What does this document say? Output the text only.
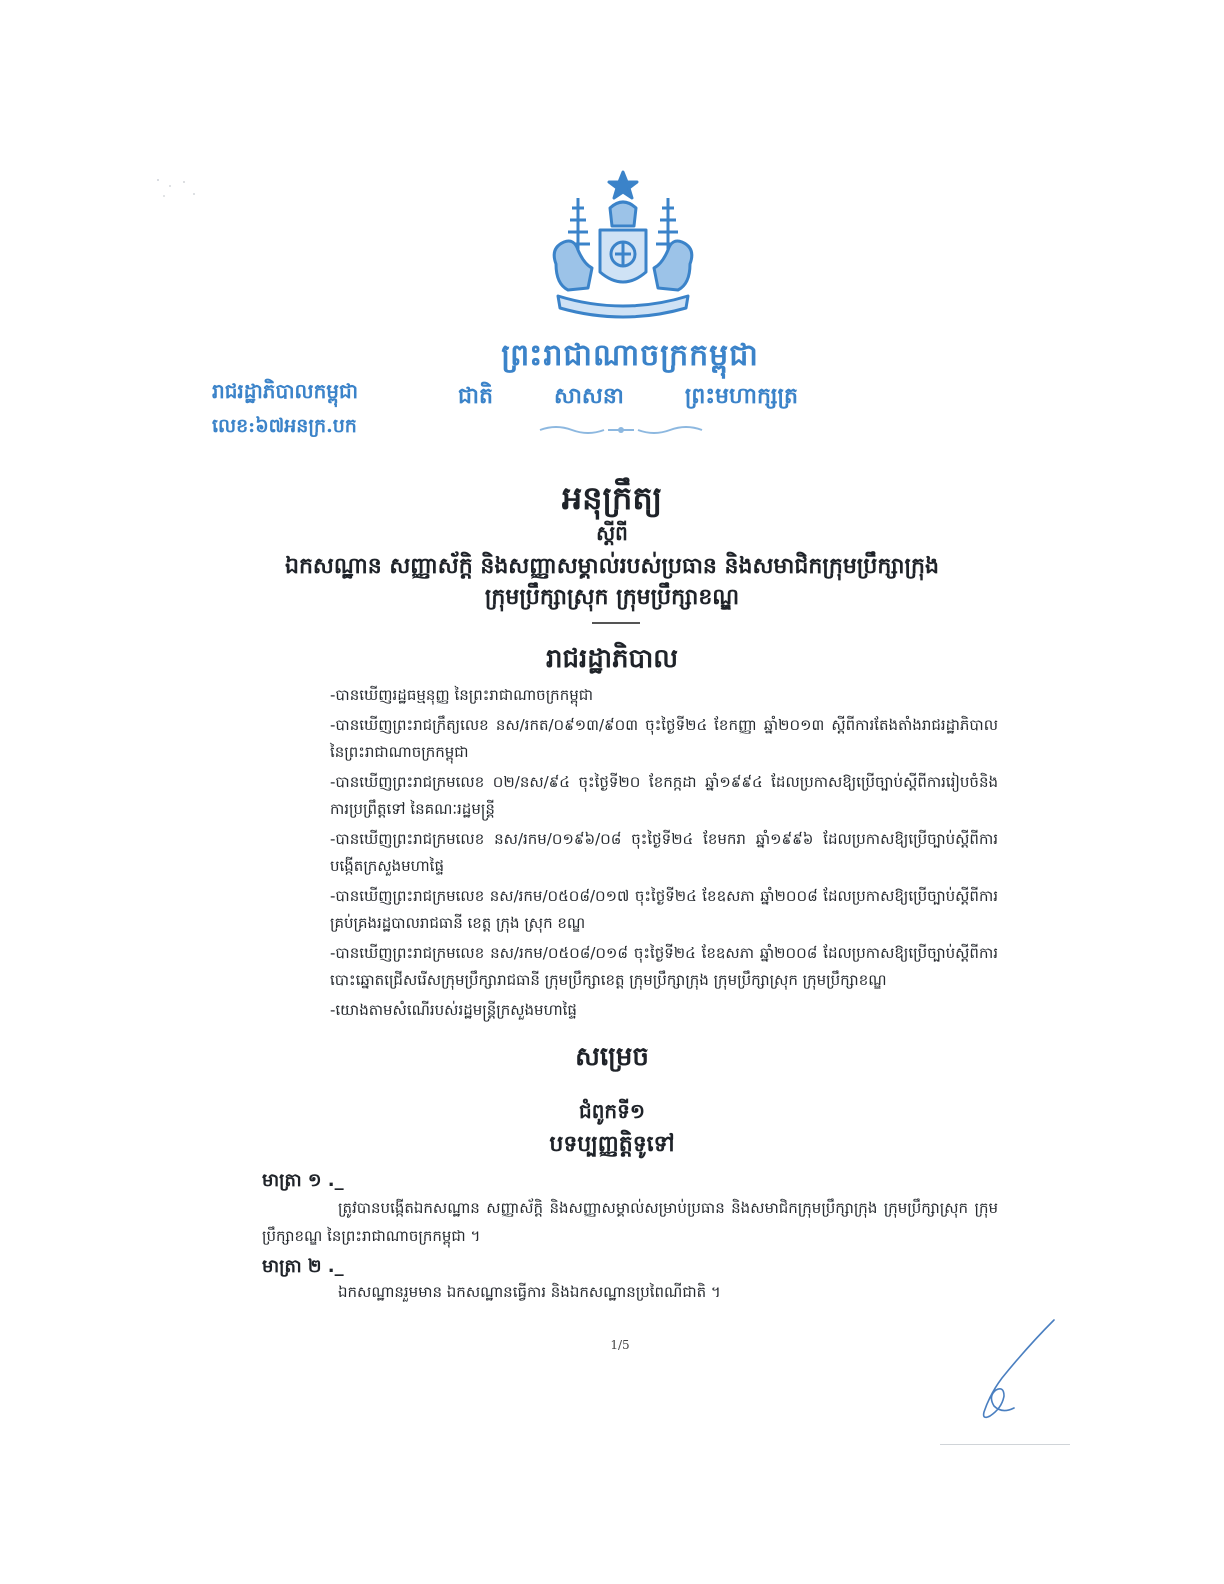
ព្រះរាជាណាចក្រកម្ពុជា
ជាតិ	សាសនា	ព្រះមហាក្សត្រ
រាជរដ្ឋាភិបាលកម្ពុជា
លេខ:៦៧អនក្រ.បក
អនុក្រឹត្យ
ស្ដីពី
ឯកសណ្ឋាន សញ្ញាស័ក្តិ និងសញ្ញាសម្គាល់របស់ប្រធាន និងសមាជិកក្រុមប្រឹក្សាក្រុង
ក្រុមប្រឹក្សាស្រុក ក្រុមប្រឹក្សាខណ្ឌ
រាជរដ្ឋាភិបាល

-បានឃើញរដ្ឋធម្មនុញ្ញ នៃព្រះរាជាណាចក្រកម្ពុជា

-បានឃើញព្រះរាជក្រឹត្យលេខ នស/រកត/០៩១៣/៩០៣ ចុះថ្ងៃទី២៤ ខែកញ្ញា ឆ្នាំ២០១៣ ស្តីពីការតែងតាំងរាជរដ្ឋាភិបាល នៃព្រះរាជាណាចក្រកម្ពុជា

-បានឃើញព្រះរាជក្រមលេខ ០២/នស/៩៤ ចុះថ្ងៃទី២០ ខែកក្កដា ឆ្នាំ១៩៩៤ ដែលប្រកាសឱ្យប្រើច្បាប់ស្តីពីការរៀបចំនិងការប្រព្រឹត្តទៅ នៃគណៈរដ្ឋមន្ត្រី

-បានឃើញព្រះរាជក្រមលេខ នស/រកម/០១៩៦/០៨ ចុះថ្ងៃទី២៤ ខែមករា ឆ្នាំ១៩៩៦ ដែលប្រកាសឱ្យប្រើច្បាប់ស្តីពីការបង្កើតក្រសួងមហាផ្ទៃ

-បានឃើញព្រះរាជក្រមលេខ នស/រកម/០៥០៨/០១៧ ចុះថ្ងៃទី២៤ ខែឧសភា ឆ្នាំ២០០៨ ដែលប្រកាសឱ្យប្រើច្បាប់ស្តីពីការគ្រប់គ្រងរដ្ឋបាលរាជធានី ខេត្ត ក្រុង ស្រុក ខណ្ឌ

-បានឃើញព្រះរាជក្រមលេខ នស/រកម/០៥០៨/០១៨ ចុះថ្ងៃទី២៤ ខែឧសភា ឆ្នាំ២០០៨ ដែលប្រកាសឱ្យប្រើច្បាប់ស្តីពីការបោះឆ្នោតជ្រើសរើសក្រុមប្រឹក្សារាជធានី ក្រុមប្រឹក្សាខេត្ត ក្រុមប្រឹក្សាក្រុង ក្រុមប្រឹក្សាស្រុក ក្រុមប្រឹក្សាខណ្ឌ

-យោងតាមសំណើរបស់រដ្ឋមន្ត្រីក្រសួងមហាផ្ទៃ

សម្រេច
ជំពូកទី១
បទប្បញ្ញត្តិទូទៅ
មាត្រា ១ ._
ត្រូវបានបង្កើតឯកសណ្ឋាន សញ្ញាស័ក្តិ និងសញ្ញាសម្គាល់សម្រាប់ប្រធាន និងសមាជិកក្រុមប្រឹក្សាក្រុង ក្រុមប្រឹក្សាស្រុក ក្រុមប្រឹក្សាខណ្ឌ នៃព្រះរាជាណាចក្រកម្ពុជា ។
មាត្រា ២ ._
ឯកសណ្ឋានរួមមាន ឯកសណ្ឋានធ្វើការ និងឯកសណ្ឋានប្រពៃណីជាតិ ។
1/5
